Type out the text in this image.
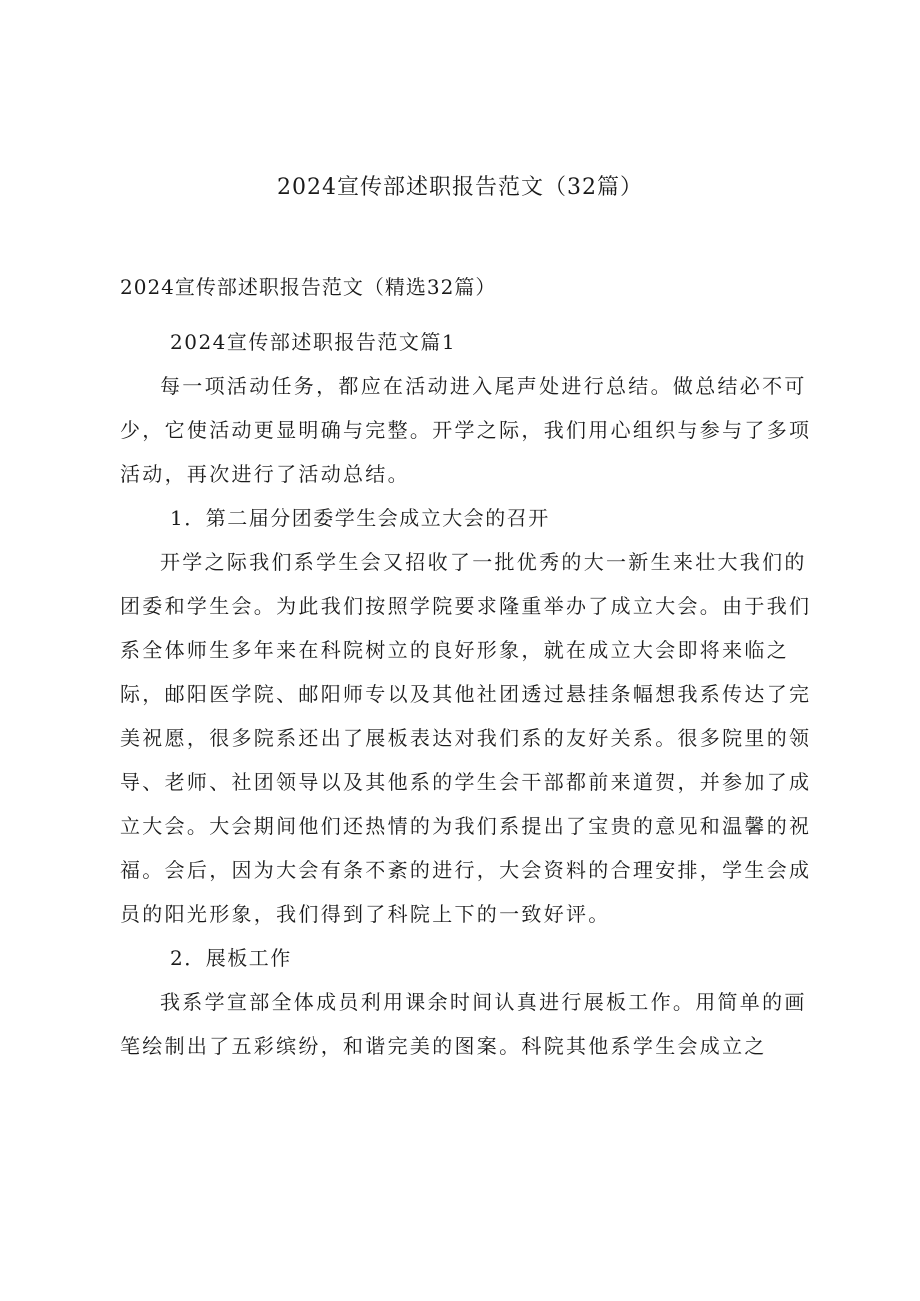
2024宣传部述职报告范文（32篇）
2024宣传部述职报告范文（精选32篇）

2024宣传部述职报告范文篇1

每一项活动任务，都应在活动进入尾声处进行总结。做总结必不可少，它使活动更显明确与完整。开学之际，我们用心组织与参与了多项活动，再次进行了活动总结。

1．第二届分团委学生会成立大会的召开

开学之际我们系学生会又招收了一批优秀的大一新生来壮大我们的团委和学生会。为此我们按照学院要求隆重举办了成立大会。由于我们系全体师生多年来在科院树立的良好形象，就在成立大会即将来临之际，邮阳医学院、邮阳师专以及其他社团透过悬挂条幅想我系传达了完美祝愿，很多院系还出了展板表达对我们系的友好关系。很多院里的领导、老师、社团领导以及其他系的学生会干部都前来道贺，并参加了成立大会。大会期间他们还热情的为我们系提出了宝贵的意见和温馨的祝福。会后，因为大会有条不紊的进行，大会资料的合理安排，学生会成员的阳光形象，我们得到了科院上下的一致好评。

2．展板工作

我系学宣部全体成员利用课余时间认真进行展板工作。用简单的画笔绘制出了五彩缤纷，和谐完美的图案。科院其他系学生会成立之
